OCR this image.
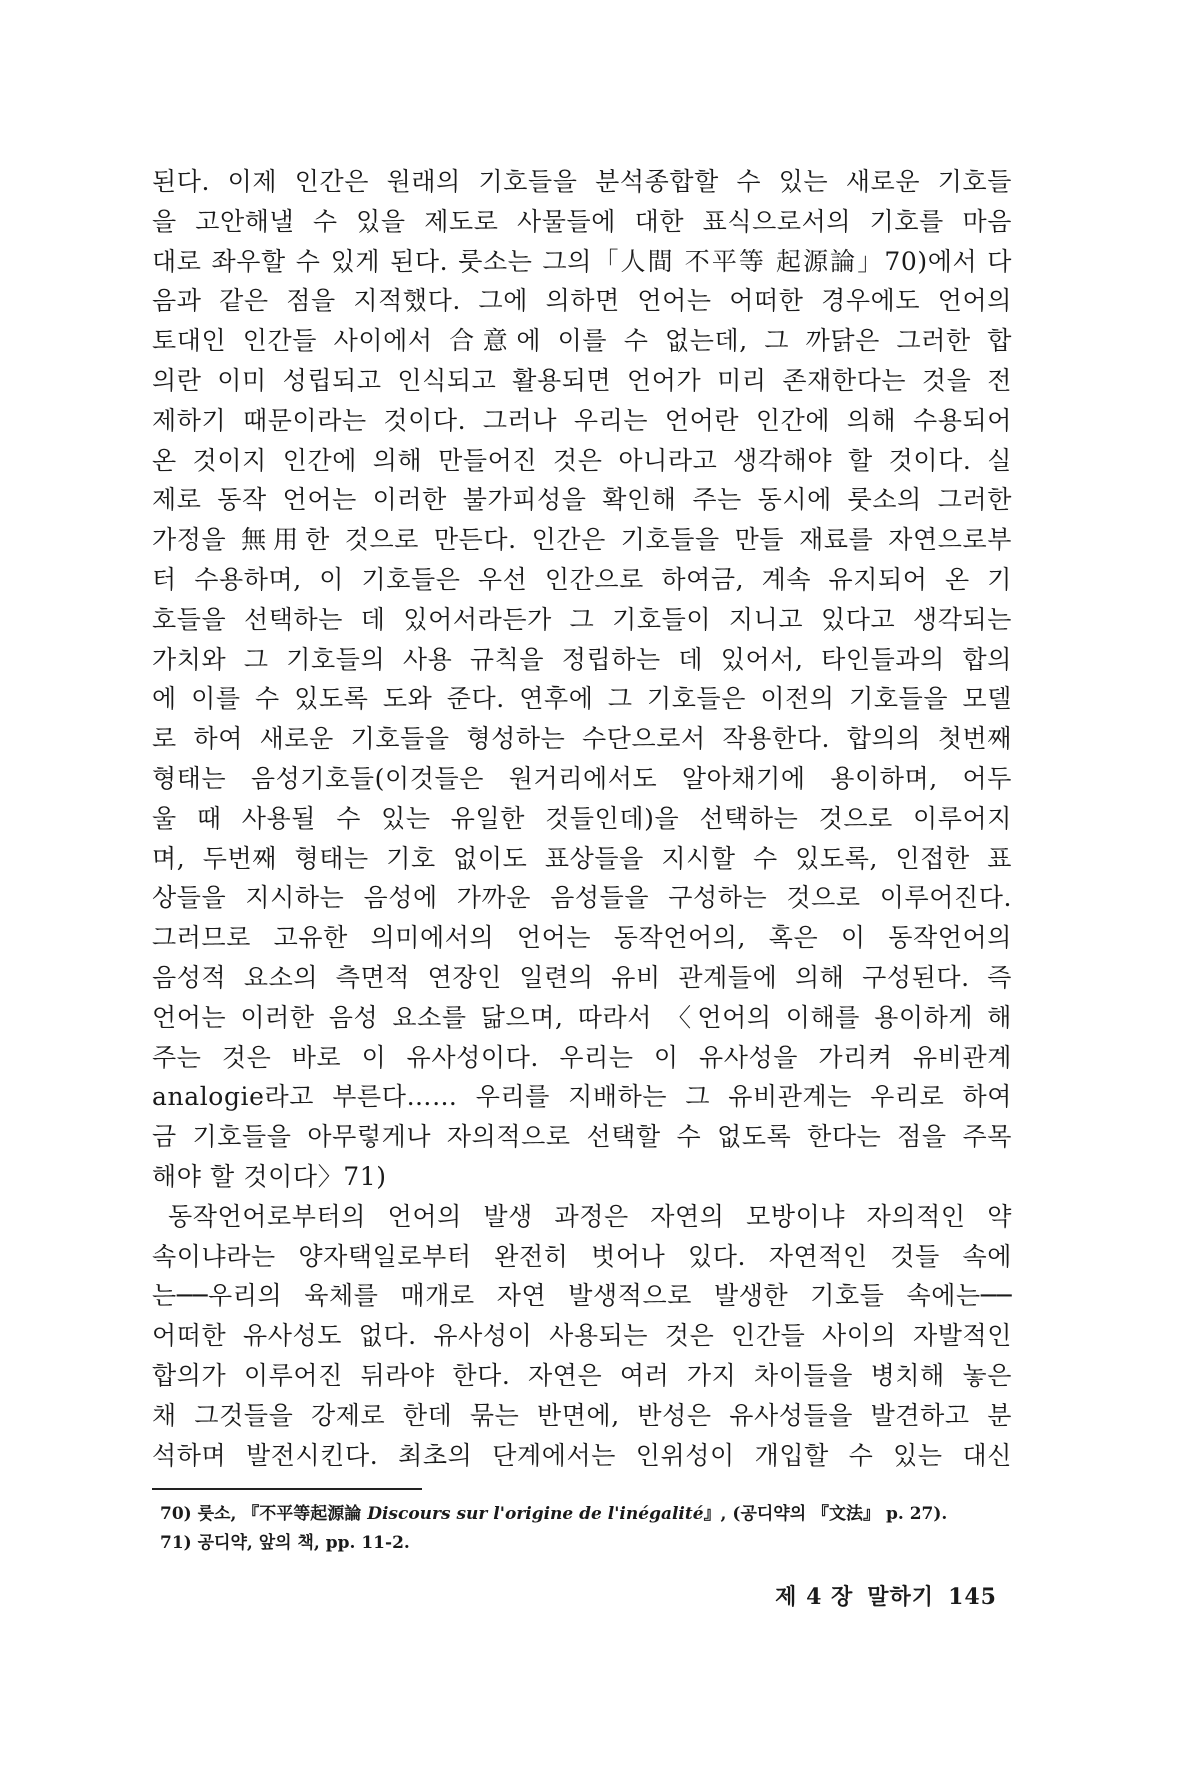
된다. 이제 인간은 원래의 기호들을 분석종합할 수 있는 새로운 기호들
을 고안해낼 수 있을 제도로 사물들에 대한 표식으로서의 기호를 마음
대로 좌우할 수 있게 된다. 룻소는 그의「人間 不平等 起源論」70)에서 다
음과 같은 점을 지적했다. 그에 의하면 언어는 어떠한 경우에도 언어의
토대인 인간들 사이에서 合意에 이를 수 없는데, 그 까닭은 그러한 합
의란 이미 성립되고 인식되고 활용되면 언어가 미리 존재한다는 것을 전
제하기 때문이라는 것이다. 그러나 우리는 언어란 인간에 의해 수용되어
온 것이지 인간에 의해 만들어진 것은 아니라고 생각해야 할 것이다. 실
제로 동작 언어는 이러한 불가피성을 확인해 주는 동시에 룻소의 그러한
가정을 無用한 것으로 만든다. 인간은 기호들을 만들 재료를 자연으로부
터 수용하며, 이 기호들은 우선 인간으로 하여금, 계속 유지되어 온 기
호들을 선택하는 데 있어서라든가 그 기호들이 지니고 있다고 생각되는
가치와 그 기호들의 사용 규칙을 정립하는 데 있어서, 타인들과의 합의
에 이를 수 있도록 도와 준다. 연후에 그 기호들은 이전의 기호들을 모델
로 하여 새로운 기호들을 형성하는 수단으로서 작용한다. 합의의 첫번째
형태는 음성기호들(이것들은 원거리에서도 알아채기에 용이하며, 어두
울 때 사용될 수 있는 유일한 것들인데)을 선택하는 것으로 이루어지
며, 두번째 형태는 기호 없이도 표상들을 지시할 수 있도록, 인접한 표
상들을 지시하는 음성에 가까운 음성들을 구성하는 것으로 이루어진다.
그러므로 고유한 의미에서의 언어는 동작언어의, 혹은 이 동작언어의
음성적 요소의 측면적 연장인 일련의 유비 관계들에 의해 구성된다. 즉
언어는 이러한 음성 요소를 닮으며, 따라서 〈언어의 이해를 용이하게 해
주는 것은 바로 이 유사성이다. 우리는 이 유사성을 가리켜 유비관계
analogie라고 부른다…… 우리를 지배하는 그 유비관계는 우리로 하여
금 기호들을 아무렇게나 자의적으로 선택할 수 없도록 한다는 점을 주목
해야 할 것이다〉71)
동작언어로부터의 언어의 발생 과정은 자연의 모방이냐 자의적인 약
속이냐라는 양자택일로부터 완전히 벗어나 있다. 자연적인 것들 속에
는──우리의 육체를 매개로 자연 발생적으로 발생한 기호들 속에는──
어떠한 유사성도 없다. 유사성이 사용되는 것은 인간들 사이의 자발적인
합의가 이루어진 뒤라야 한다. 자연은 여러 가지 차이들을 병치해 놓은
채 그것들을 강제로 한데 묶는 반면에, 반성은 유사성들을 발견하고 분
석하며 발전시킨다. 최초의 단계에서는 인위성이 개입할 수 있는 대신
70) 룻소, 『不平等起源論 Discours sur l'origine de l'inégalité』, (공디약의 『文法』 p. 27).
71) 공디약, 앞의 책, pp. 11-2.
제 4 장 말하기 145
